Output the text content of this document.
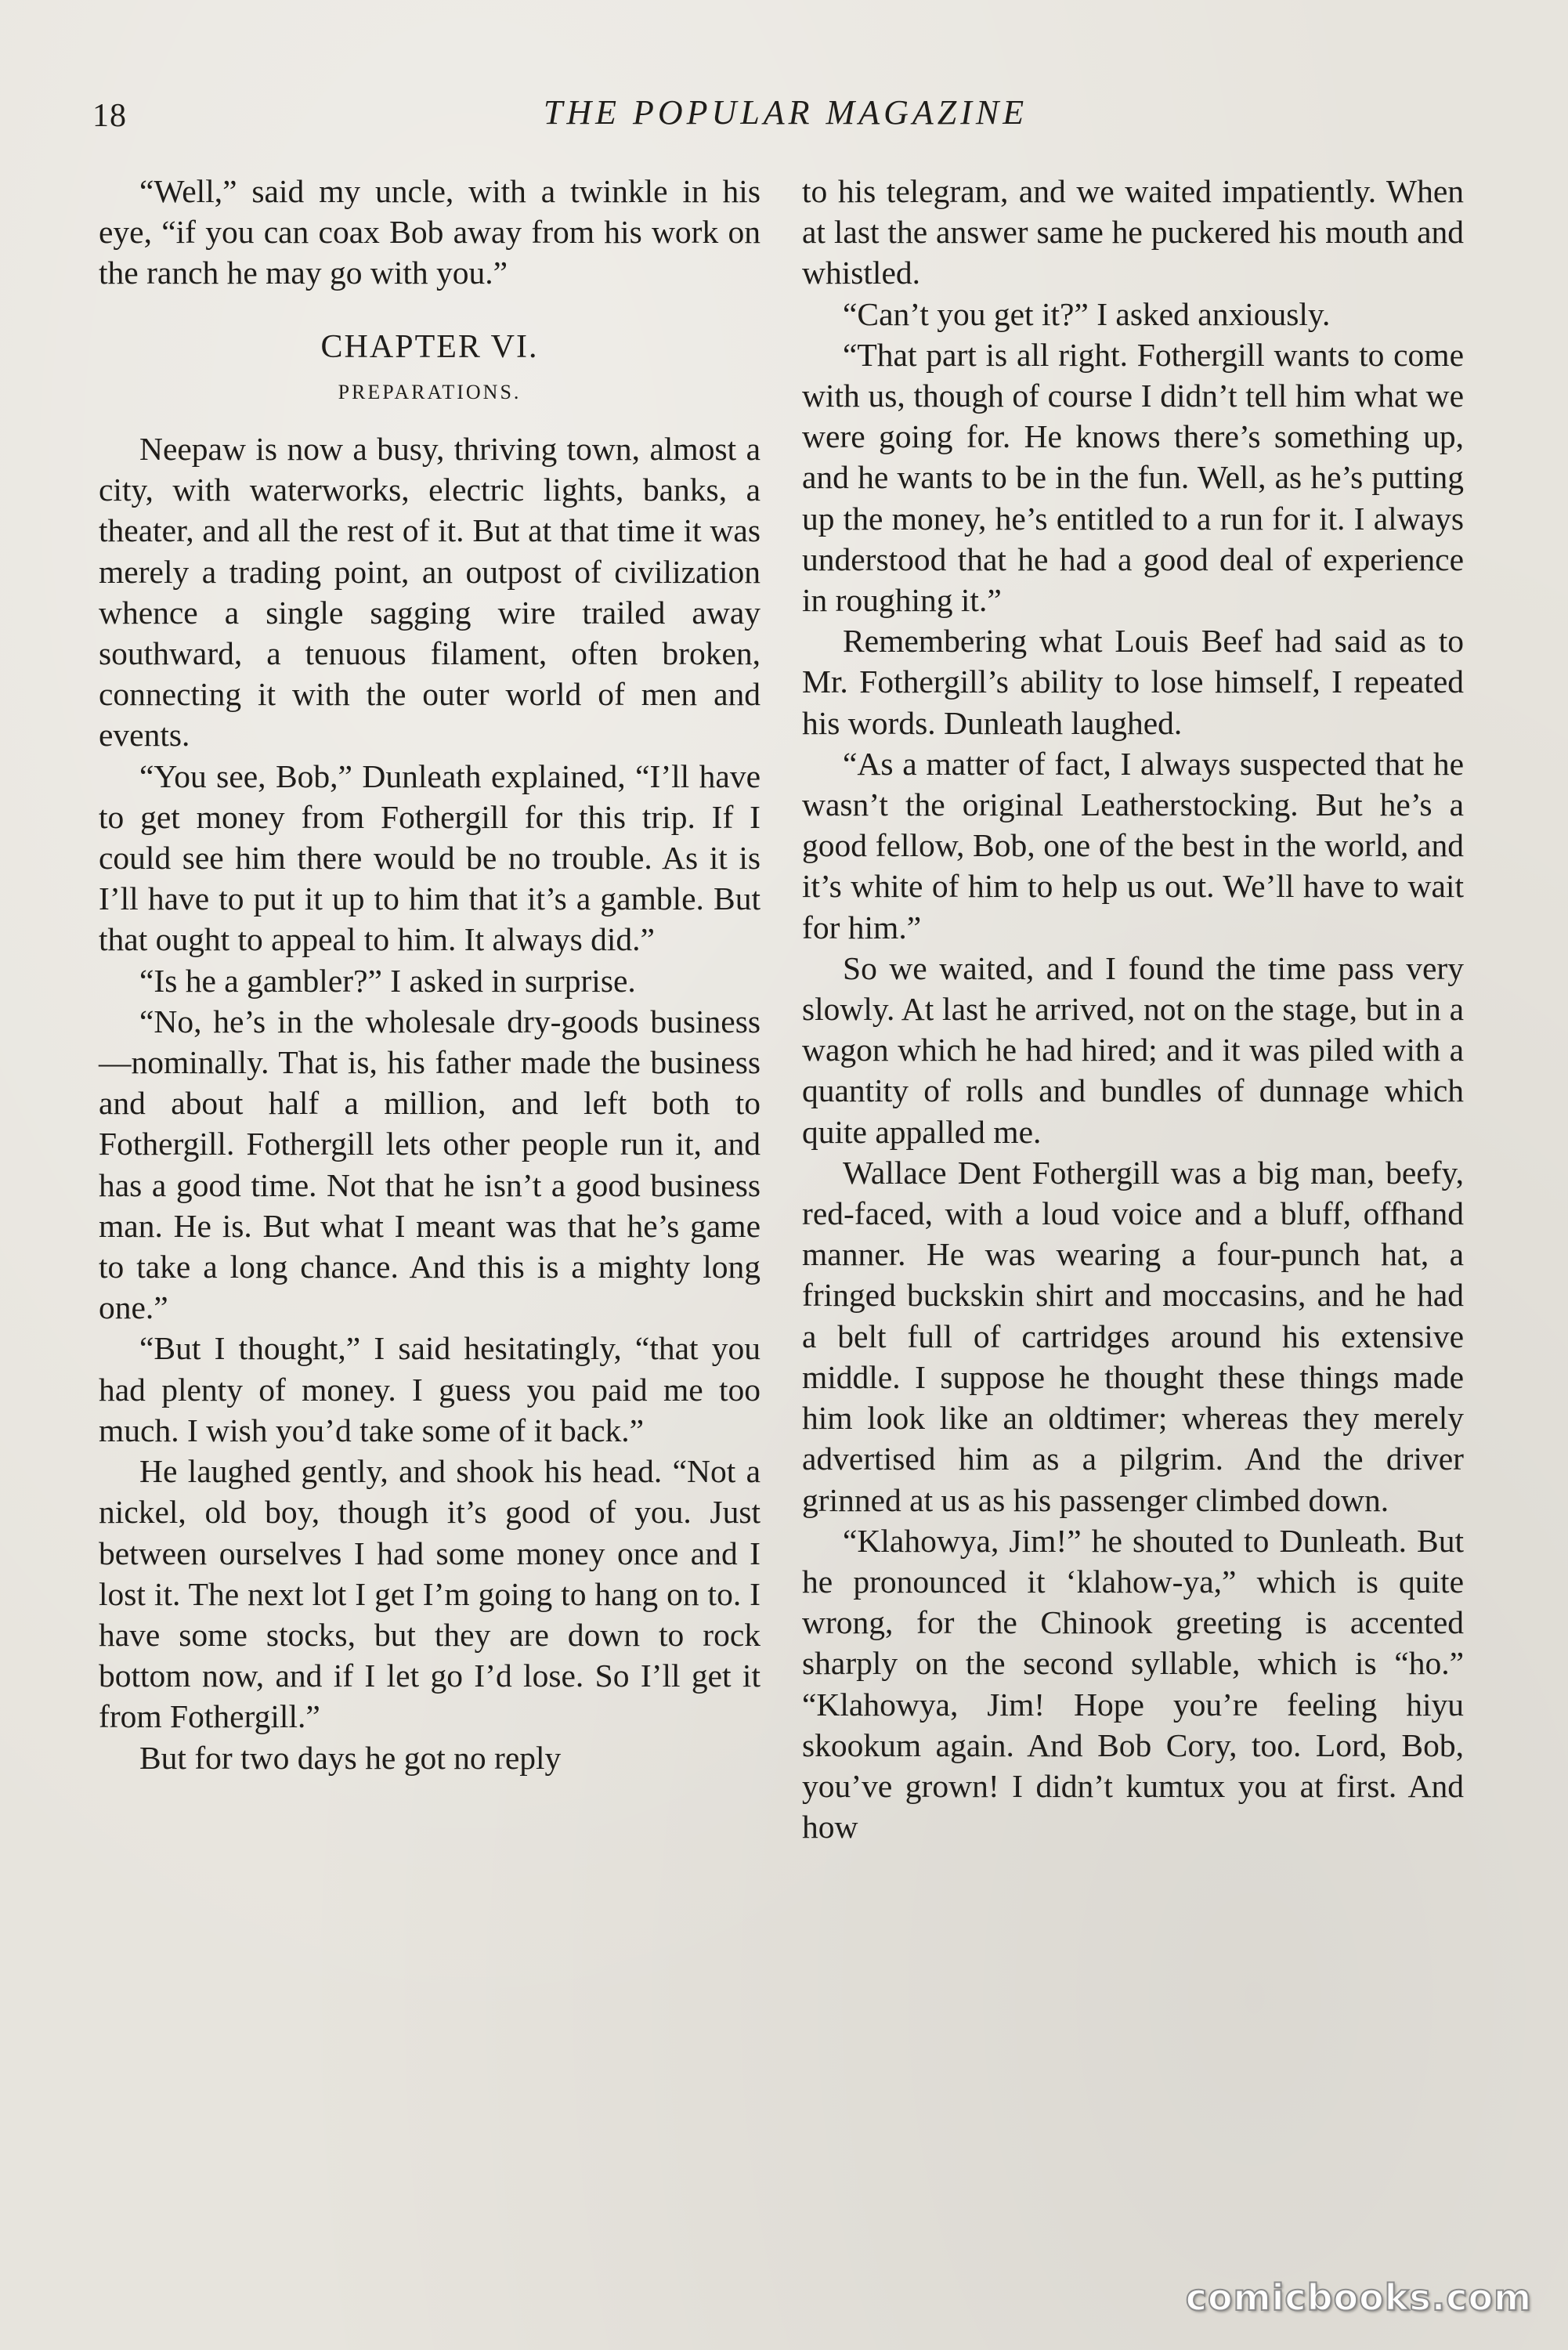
18	THE POPULAR MAGAZINE

“Well,” said my uncle, with a twinkle in his eye, “if you can coax Bob away from his work on the ranch he may go with you.”

CHAPTER VI.
PREPARATIONS.

Neepaw is now a busy, thriving town, almost a city, with waterworks, electric lights, banks, a theater, and all the rest of it. But at that time it was merely a trading point, an outpost of civilization whence a single sagging wire trailed away southward, a tenuous filament, often broken, connecting it with the outer world of men and events.

“You see, Bob,” Dunleath explained, “I’ll have to get money from Fothergill for this trip. If I could see him there would be no trouble. As it is I’ll have to put it up to him that it’s a gamble. But that ought to appeal to him. It always did.”

“Is he a gambler?” I asked in surprise.

“No, he’s in the wholesale dry-goods business—nominally. That is, his father made the business and about half a million, and left both to Fothergill. Fothergill lets other people run it, and has a good time. Not that he isn’t a good business man. He is. But what I meant was that he’s game to take a long chance. And this is a mighty long one.”

“But I thought,” I said hesitatingly, “that you had plenty of money. I guess you paid me too much. I wish you’d take some of it back.”

He laughed gently, and shook his head. “Not a nickel, old boy, though it’s good of you. Just between ourselves I had some money once and I lost it. The next lot I get I’m going to hang on to. I have some stocks, but they are down to rock bottom now, and if I let go I’d lose. So I’ll get it from Fothergill.”

But for two days he got no reply

to his telegram, and we waited impatiently. When at last the answer same he puckered his mouth and whistled.

“Can’t you get it?” I asked anxiously.

“That part is all right. Fothergill wants to come with us, though of course I didn’t tell him what we were going for. He knows there’s something up, and he wants to be in the fun. Well, as he’s putting up the money, he’s entitled to a run for it. I always understood that he had a good deal of experience in roughing it.”

Remembering what Louis Beef had said as to Mr. Fothergill’s ability to lose himself, I repeated his words. Dunleath laughed.

“As a matter of fact, I always suspected that he wasn’t the original Leatherstocking. But he’s a good fellow, Bob, one of the best in the world, and it’s white of him to help us out. We’ll have to wait for him.”

So we waited, and I found the time pass very slowly. At last he arrived, not on the stage, but in a wagon which he had hired; and it was piled with a quantity of rolls and bundles of dunnage which quite appalled me.

Wallace Dent Fothergill was a big man, beefy, red-faced, with a loud voice and a bluff, offhand manner. He was wearing a four-punch hat, a fringed buckskin shirt and moccasins, and he had a belt full of cartridges around his extensive middle. I suppose he thought these things made him look like an oldtimer; whereas they merely advertised him as a pilgrim. And the driver grinned at us as his passenger climbed down.

“Klahowya, Jim!” he shouted to Dunleath. But he pronounced it ‘klahow-ya,” which is quite wrong, for the Chinook greeting is accented sharply on the second syllable, which is “ho.” “Klahowya, Jim! Hope you’re feeling hiyu skookum again. And Bob Cory, too. Lord, Bob, you’ve grown! I didn’t kumtux you at first. And how

comicbooks.com
